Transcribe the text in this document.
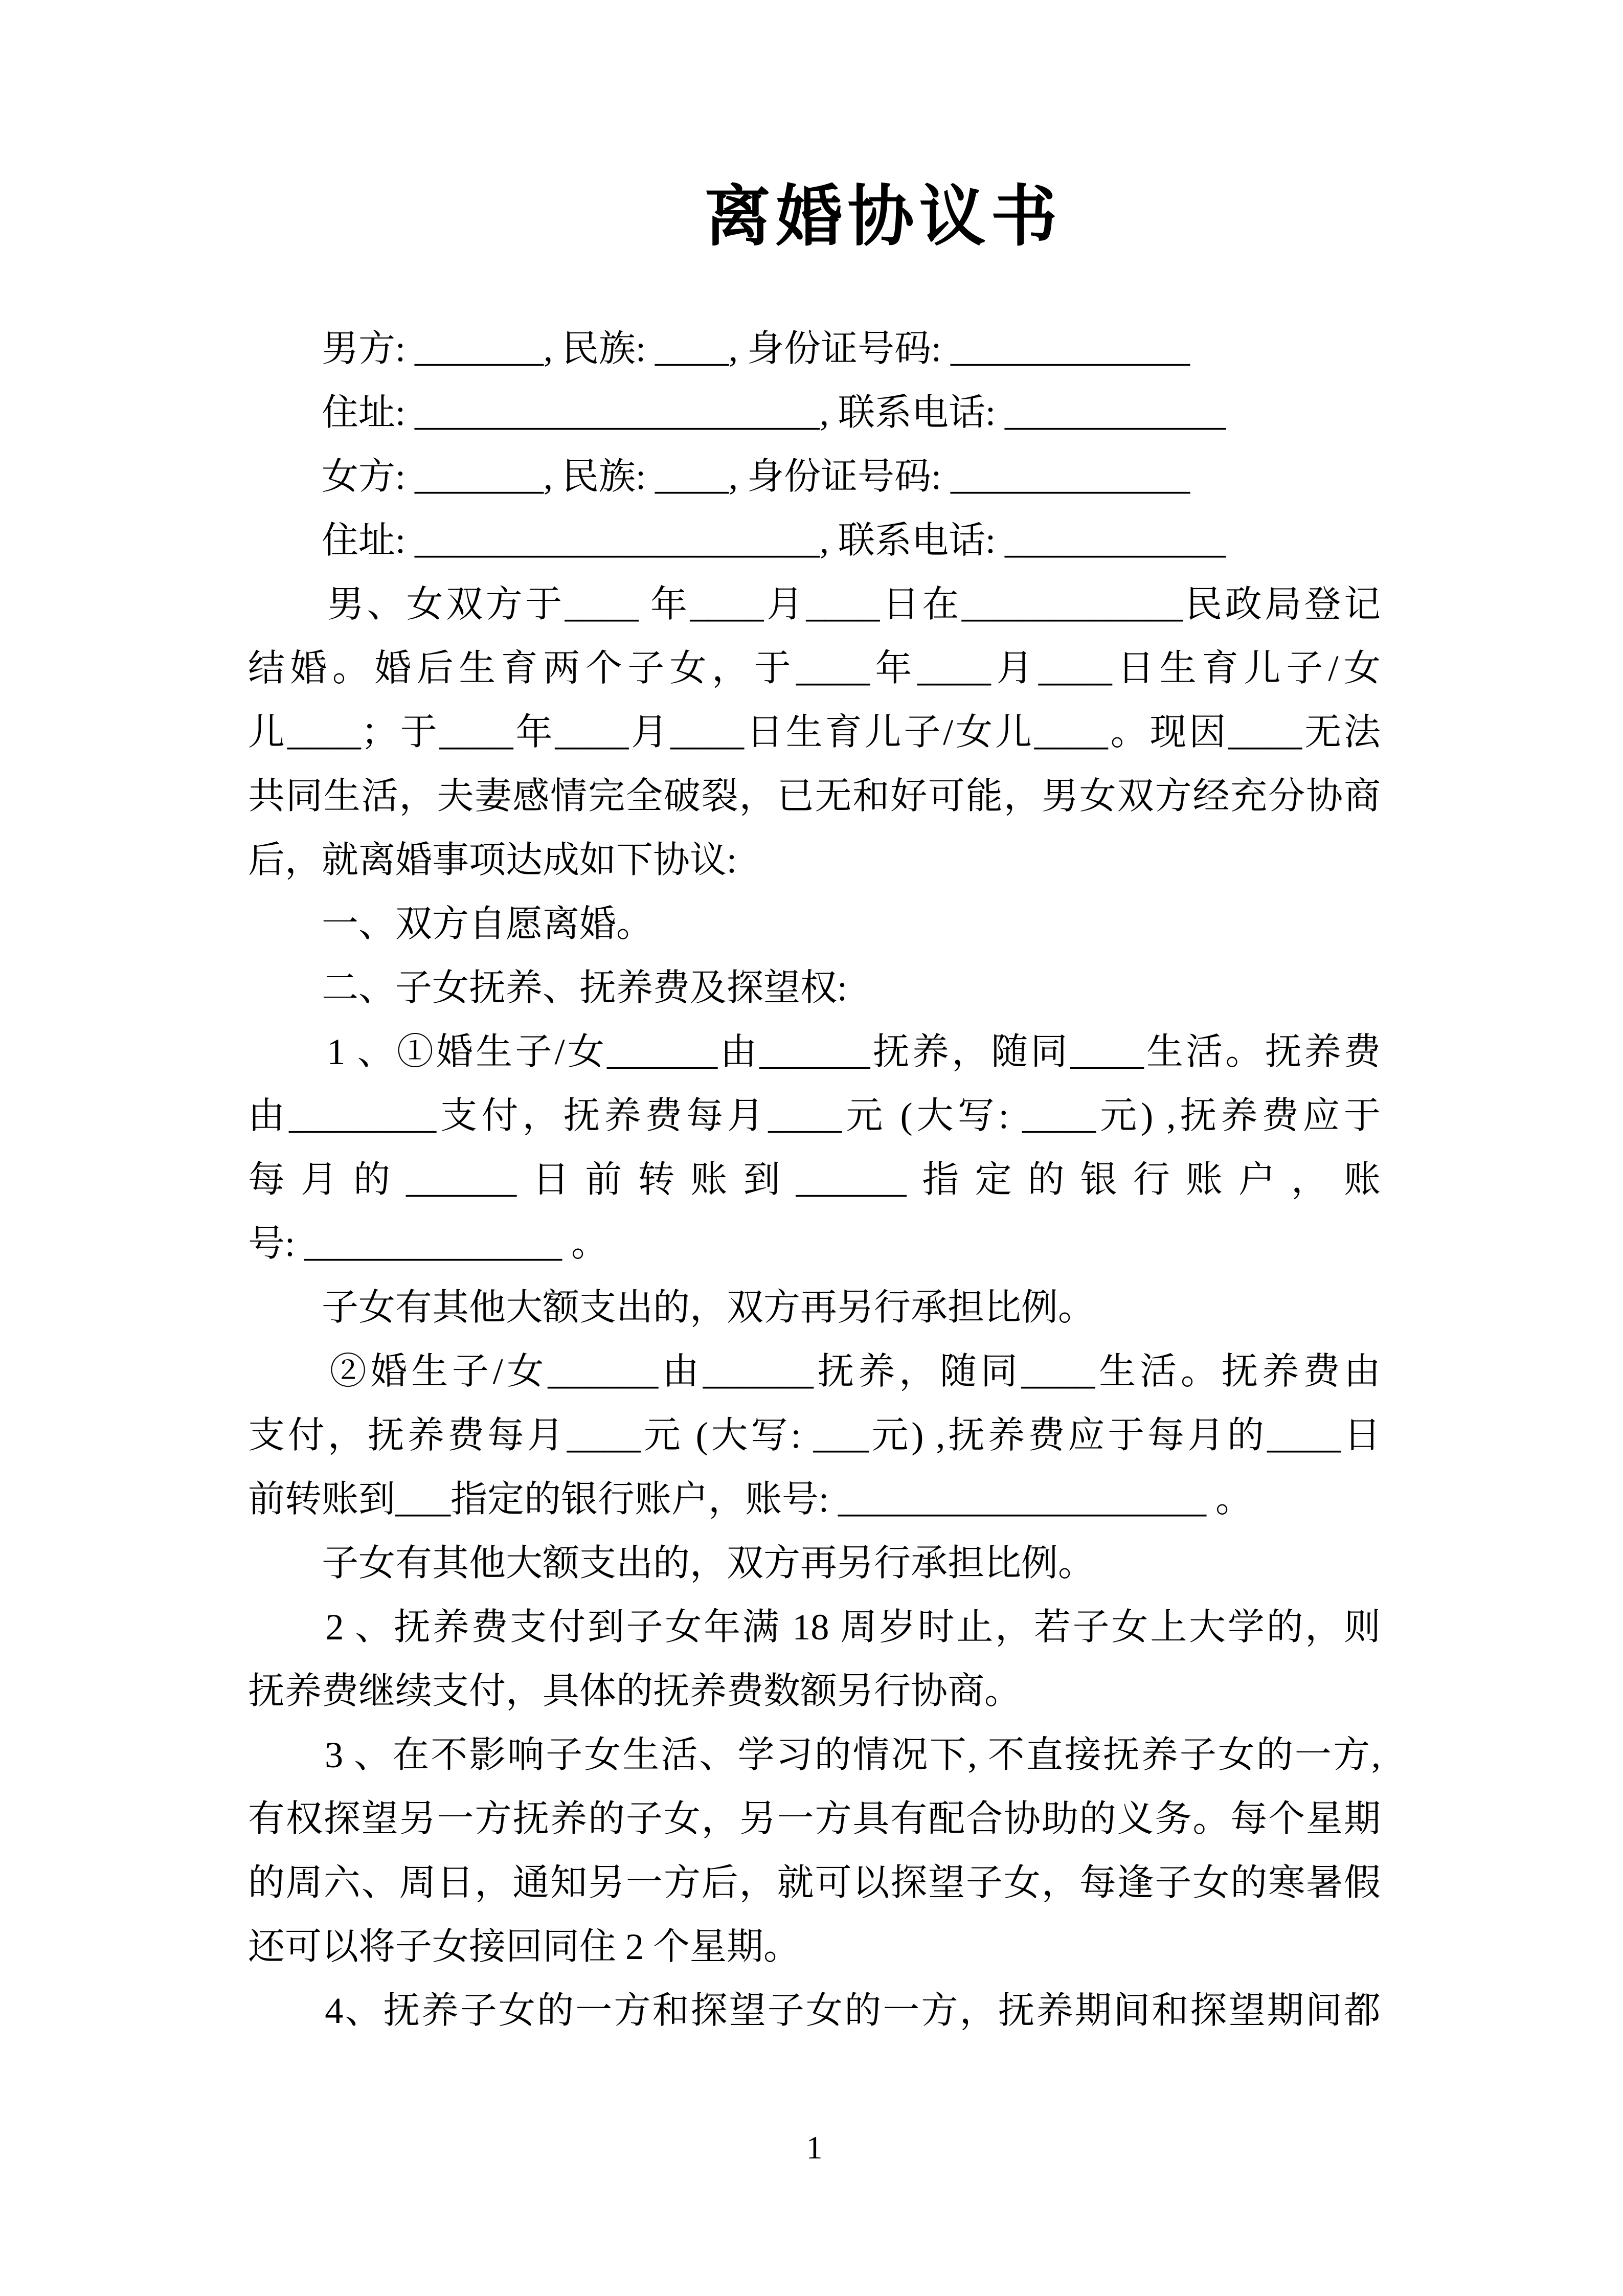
离婚协议书
　　男方: _______, 民族: ____, 身份证号码: _____________
　　住址: ______________________, 联系电话: ____________
　　女方: _______, 民族: ____, 身份证号码: _____________
　　住址: ______________________, 联系电话: ____________
　　男、女双方于____ 年____月____日在____________民政局登记
结婚。婚后生育两个子女，于____年____月____日生育儿子/女
儿____；于____年____月____日生育儿子/女儿____。现因____无法
共同生活，夫妻感情完全破裂，已无和好可能，男女双方经充分协商
后，就离婚事项达成如下协议:
　　一、双方自愿离婚。
　　二、子女抚养、抚养费及探望权:
　　1 、①婚生子/女______由______抚养，随同____生活。抚养费
由________支付，抚养费每月____元 (大写: ____元) ,抚养费应于
每月的______日前转账到______指定的银行账户，账
号: ______________ 。
　　子女有其他大额支出的，双方再另行承担比例。
　　②婚生子/女______由______抚养，随同____生活。抚养费由
支付，抚养费每月____元 (大写: ___元) ,抚养费应于每月的____日
前转账到___指定的银行账户，账号: ____________________ 。
　　子女有其他大额支出的，双方再另行承担比例。
　　2 、抚养费支付到子女年满 18 周岁时止，若子女上大学的，则
抚养费继续支付，具体的抚养费数额另行协商。
　　3 、在不影响子女生活、学习的情况下, 不直接抚养子女的一方,
有权探望另一方抚养的子女，另一方具有配合协助的义务。每个星期
的周六、周日，通知另一方后，就可以探望子女，每逢子女的寒暑假
还可以将子女接回同住 2 个星期。
　　4、抚养子女的一方和探望子女的一方，抚养期间和探望期间都
1
